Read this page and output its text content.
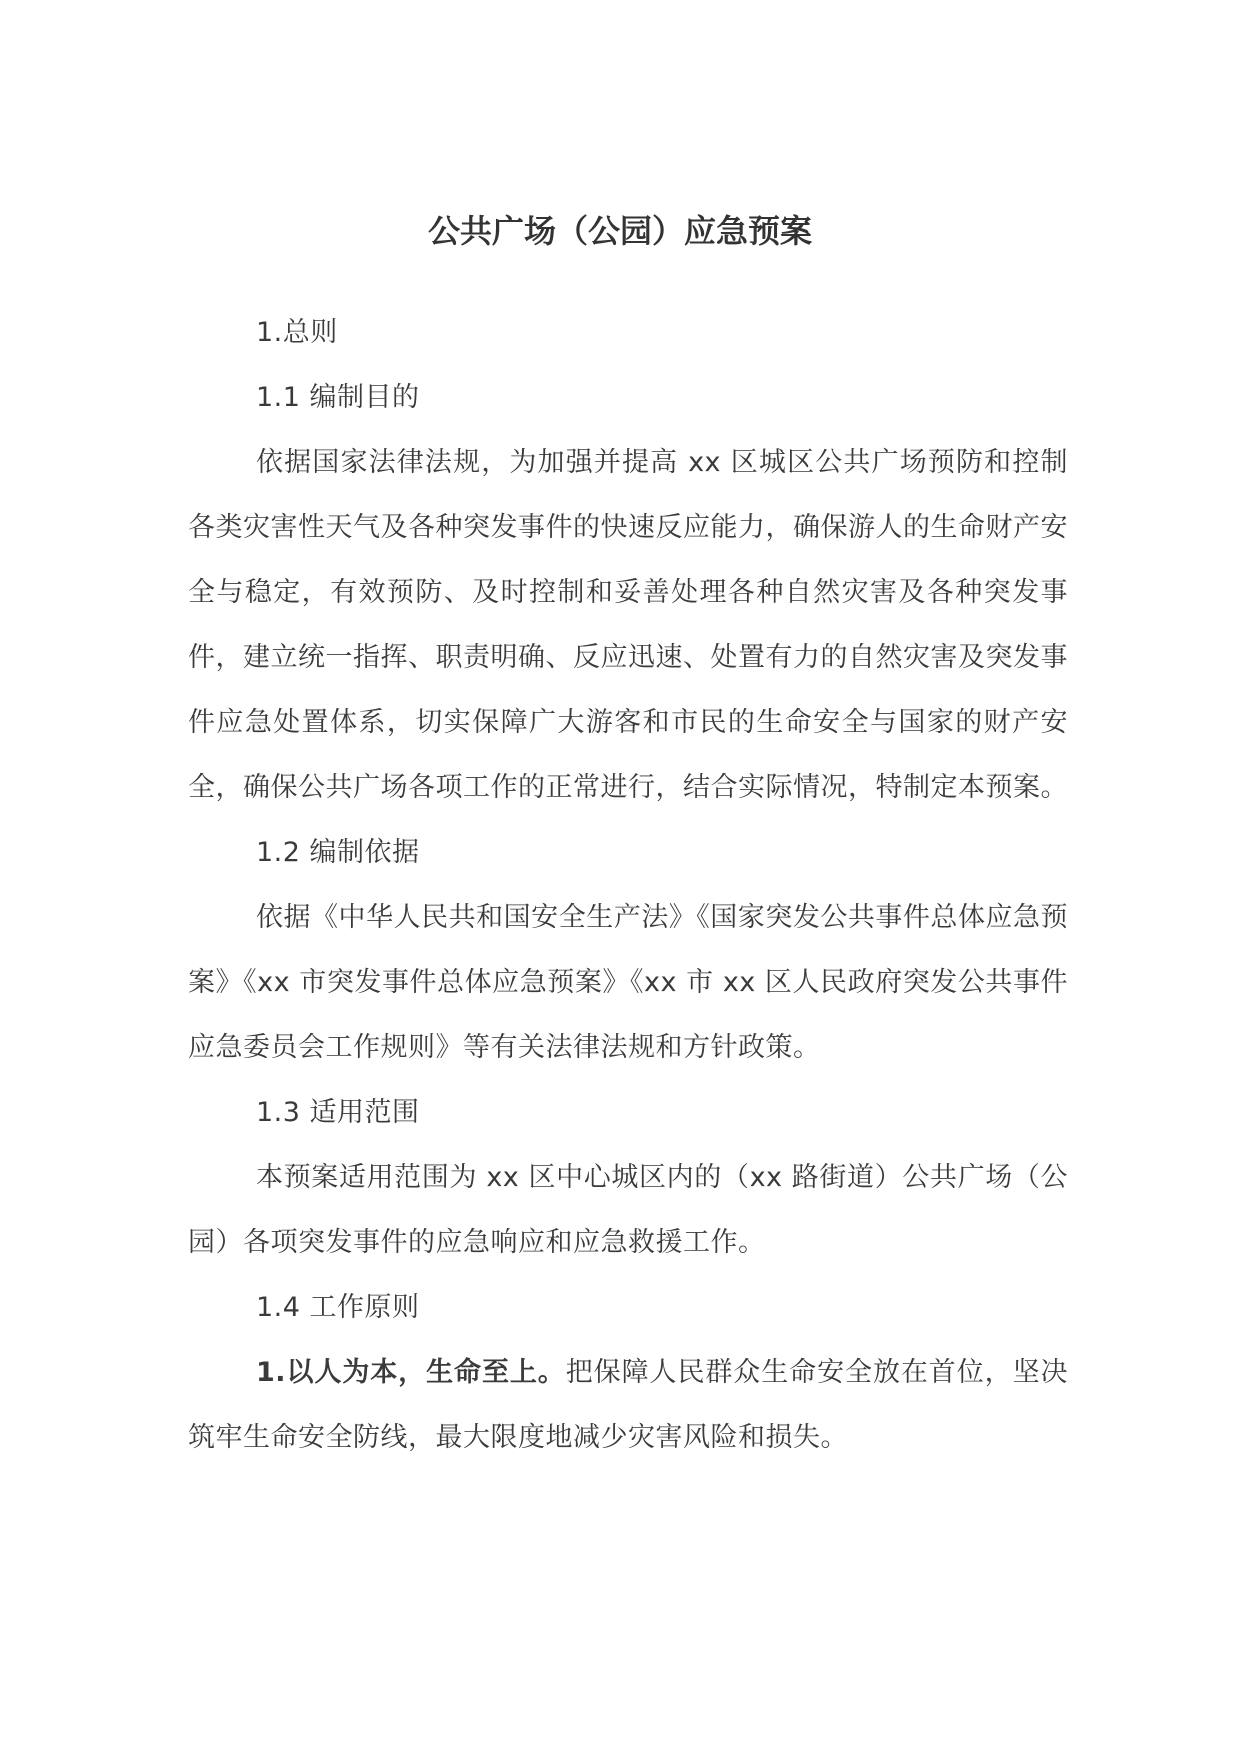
公共广场（公园）应急预案

1.总则

1.1 编制目的

依据国家法律法规，为加强并提高 xx 区城区公共广场预防和控制各类灾害性天气及各种突发事件的快速反应能力，确保游人的生命财产安全与稳定，有效预防、及时控制和妥善处理各种自然灾害及各种突发事件，建立统一指挥、职责明确、反应迅速、处置有力的自然灾害及突发事件应急处置体系，切实保障广大游客和市民的生命安全与国家的财产安全，确保公共广场各项工作的正常进行，结合实际情况，特制定本预案。

1.2 编制依据

依据《中华人民共和国安全生产法》《国家突发公共事件总体应急预案》《xx 市突发事件总体应急预案》《xx 市 xx 区人民政府突发公共事件应急委员会工作规则》等有关法律法规和方针政策。

1.3 适用范围

本预案适用范围为 xx 区中心城区内的（xx 路街道）公共广场（公园）各项突发事件的应急响应和应急救援工作。

1.4 工作原则

1.以人为本，生命至上。把保障人民群众生命安全放在首位，坚决筑牢生命安全防线，最大限度地减少灾害风险和损失。
